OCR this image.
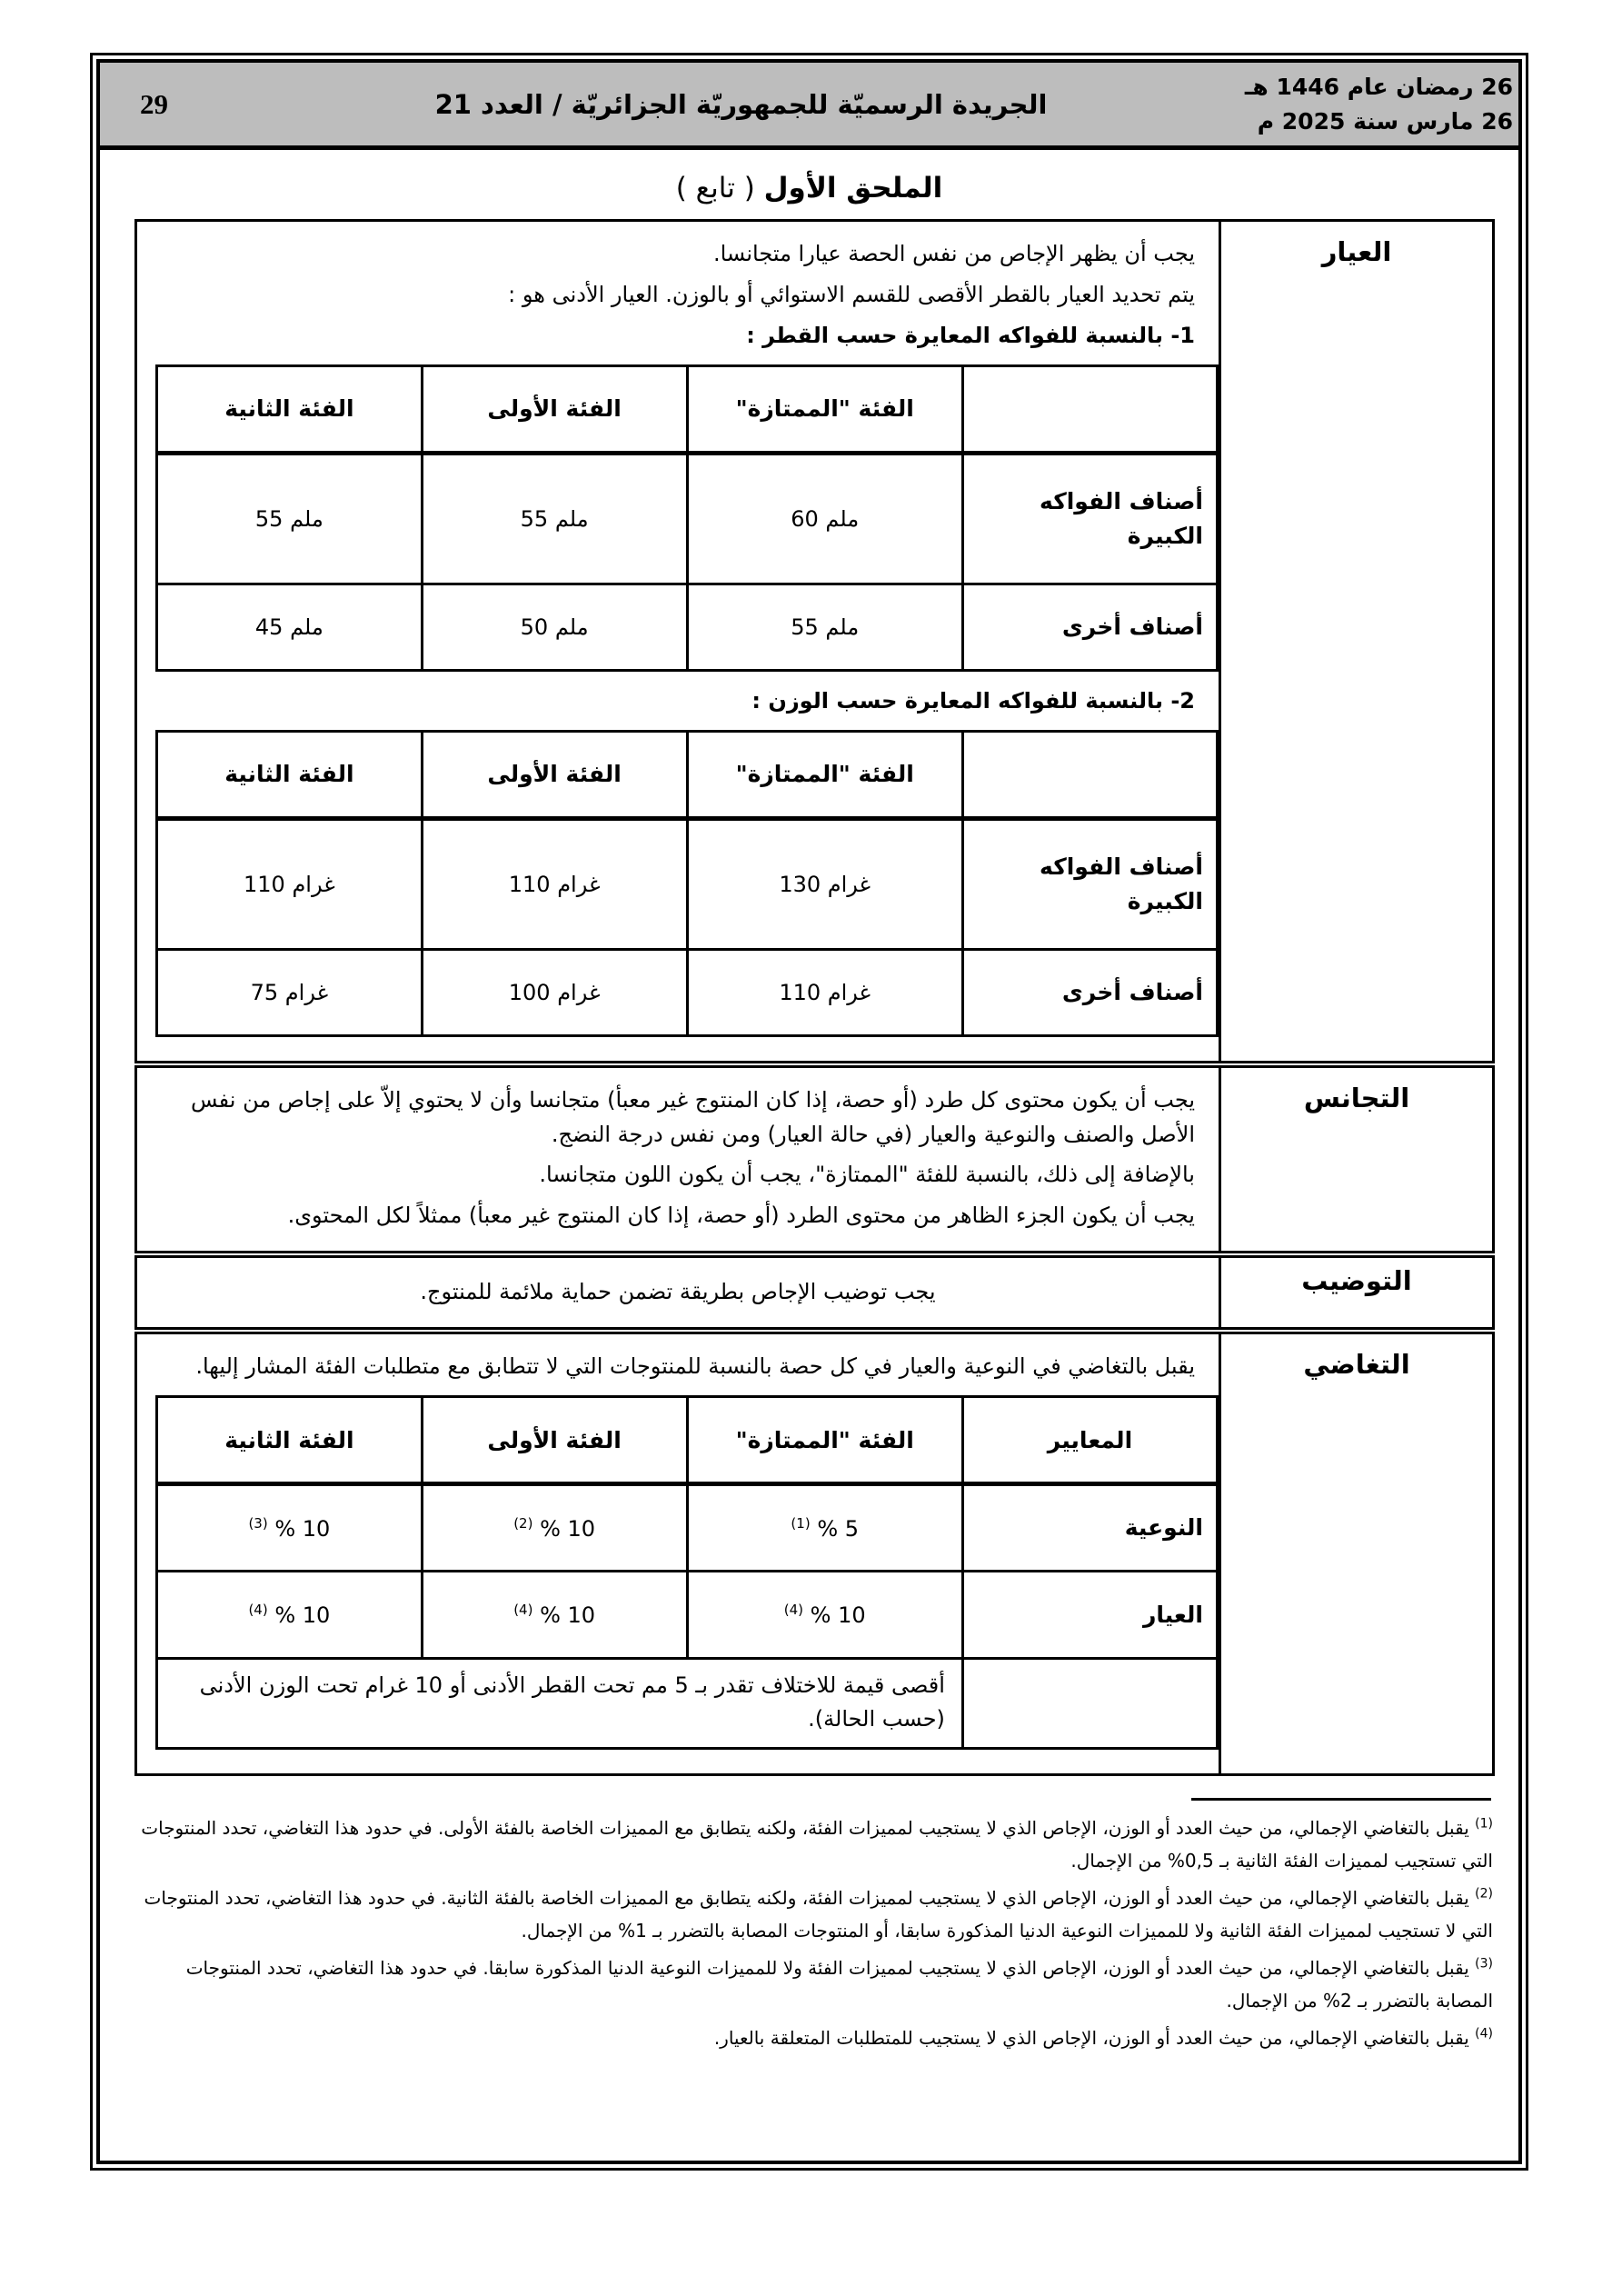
29	الجريدة الرسميّة للجمهوريّة الجزائريّة / العدد 21
26 رمضان عام 1446 هـ
26 مارس سنة 2025 م
الملحق الأول ( تابع )
العيار	

يجب أن يظهر الإجاص من نفس الحصة عيارا متجانسا.

يتم تحديد العيار بالقطر الأقصى للقسم الاستوائي أو بالوزن. العيار الأدنى هو :

1- بالنسبة للفواكه المعايرة حسب القطر :

	الفئة "الممتازة"	الفئة الأولى	الفئة الثانية
أصناف الفواكه الكبيرة	60 ملم	55 ملم	55 ملم
أصناف أخرى	55 ملم	50 ملم	45 ملم

2- بالنسبة للفواكه المعايرة حسب الوزن :

	الفئة "الممتازة"	الفئة الأولى	الفئة الثانية
أصناف الفواكه الكبيرة	130 غرام	110 غرام	110 غرام
أصناف أخرى	110 غرام	100 غرام	75 غرام

التجانس	

يجب أن يكون محتوى كل طرد (أو حصة، إذا كان المنتوج غير معبأ) متجانسا وأن لا يحتوي إلاّ على إجاص من نفس الأصل والصنف والنوعية والعيار (في حالة العيار) ومن نفس درجة النضج.

بالإضافة إلى ذلك، بالنسبة للفئة "الممتازة"، يجب أن يكون اللون متجانسا.

يجب أن يكون الجزء الظاهر من محتوى الطرد (أو حصة، إذا كان المنتوج غير معبأ) ممثلاً لكل المحتوى.

التوضيب	

يجب توضيب الإجاص بطريقة تضمن حماية ملائمة للمنتوج.

التغاضي	

يقبل بالتغاضي في النوعية والعيار في كل حصة بالنسبة للمنتوجات التي لا تتطابق مع متطلبات الفئة المشار إليها.

المعايير	الفئة "الممتازة"	الفئة الأولى	الفئة الثانية
النوعية	$^{(1)}$ % 5	$^{(2)}$ % 10	$^{(3)}$ % 10
العيار	$^{(4)}$ % 10	$^{(4)}$ % 10	$^{(4)}$ % 10
	أقصى قيمة للاختلاف تقدر بـ 5 مم تحت القطر الأدنى أو 10 غرام تحت الوزن الأدنى (حسب الحالة).

$^{(1)}$ يقبل بالتغاضي الإجمالي، من حيث العدد أو الوزن، الإجاص الذي لا يستجيب لمميزات الفئة، ولكنه يتطابق مع المميزات الخاصة بالفئة الأولى. في حدود هذا التغاضي، تحدد المنتوجات التي تستجيب لمميزات الفئة الثانية بـ %0,5 من الإجمال.

$^{(2)}$ يقبل بالتغاضي الإجمالي، من حيث العدد أو الوزن، الإجاص الذي لا يستجيب لمميزات الفئة، ولكنه يتطابق مع المميزات الخاصة بالفئة الثانية. في حدود هذا التغاضي، تحدد المنتوجات التي لا تستجيب لمميزات الفئة الثانية ولا للمميزات النوعية الدنيا المذكورة سابقا، أو المنتوجات المصابة بالتضرر بـ %1 من الإجمال.

$^{(3)}$ يقبل بالتغاضي الإجمالي، من حيث العدد أو الوزن، الإجاص الذي لا يستجيب لمميزات الفئة ولا للمميزات النوعية الدنيا المذكورة سابقا. في حدود هذا التغاضي، تحدد المنتوجات المصابة بالتضرر بـ %2 من الإجمال.

$^{(4)}$ يقبل بالتغاضي الإجمالي، من حيث العدد أو الوزن، الإجاص الذي لا يستجيب للمتطلبات المتعلقة بالعيار.
